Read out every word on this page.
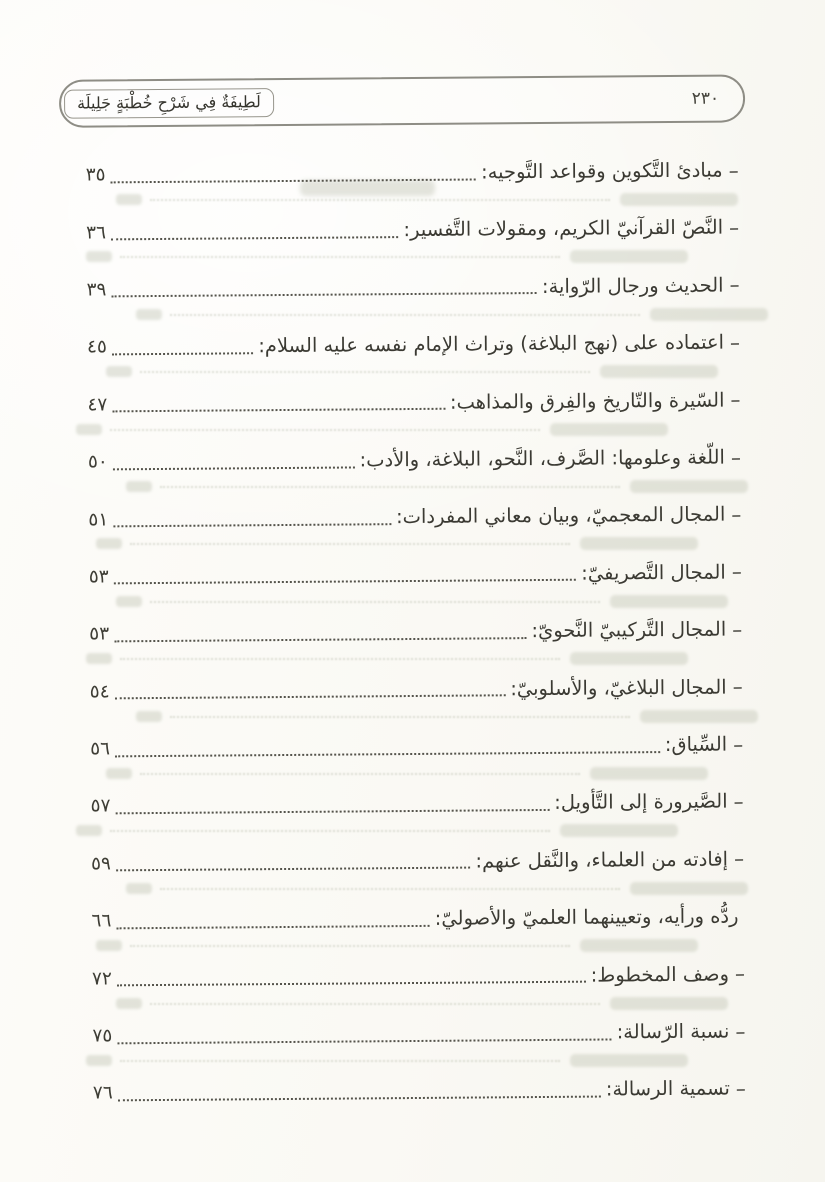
لَطِيفَةٌ فِي شَرْحِ خُطْبَةٍ جَلِيلَة	٢٣٠
–
مبادئ التَّكوين وقواعد التَّوجيه:
٣٥
–
النَّصّ القرآنيّ الكريم، ومقولات التَّفسير:
٣٦
–
الحديث ورجال الرّواية:
٣٩
–
اعتماده على (نهج البلاغة) وتراث الإمام نفسه عليه السلام:
٤٥
–
السّيرة والتّاريخ والفِرق والمذاهب:
٤٧
–
اللّغة وعلومها: الصَّرف، النَّحو، البلاغة، والأدب:
٥٠
–
المجال المعجميّ، وبيان معاني المفردات:
٥١
–
المجال التَّصريفيّ:
٥٣
–
المجال التَّركيبيّ النَّحويّ:
٥٣
–
المجال البلاغيّ، والأسلوبيّ:
٥٤
–
السِّياق:
٥٦
–
الصَّيرورة إلى التَّأويل:
٥٧
–
إفادته من العلماء، والنَّقل عنهم:
٥٩
ردُّه ورأيه، وتعيينهما العلميّ والأصوليّ:
٦٦
–
وصف المخطوط:
٧٢
–
نسبة الرّسالة:
٧٥
–
تسمية الرسالة:
٧٦
